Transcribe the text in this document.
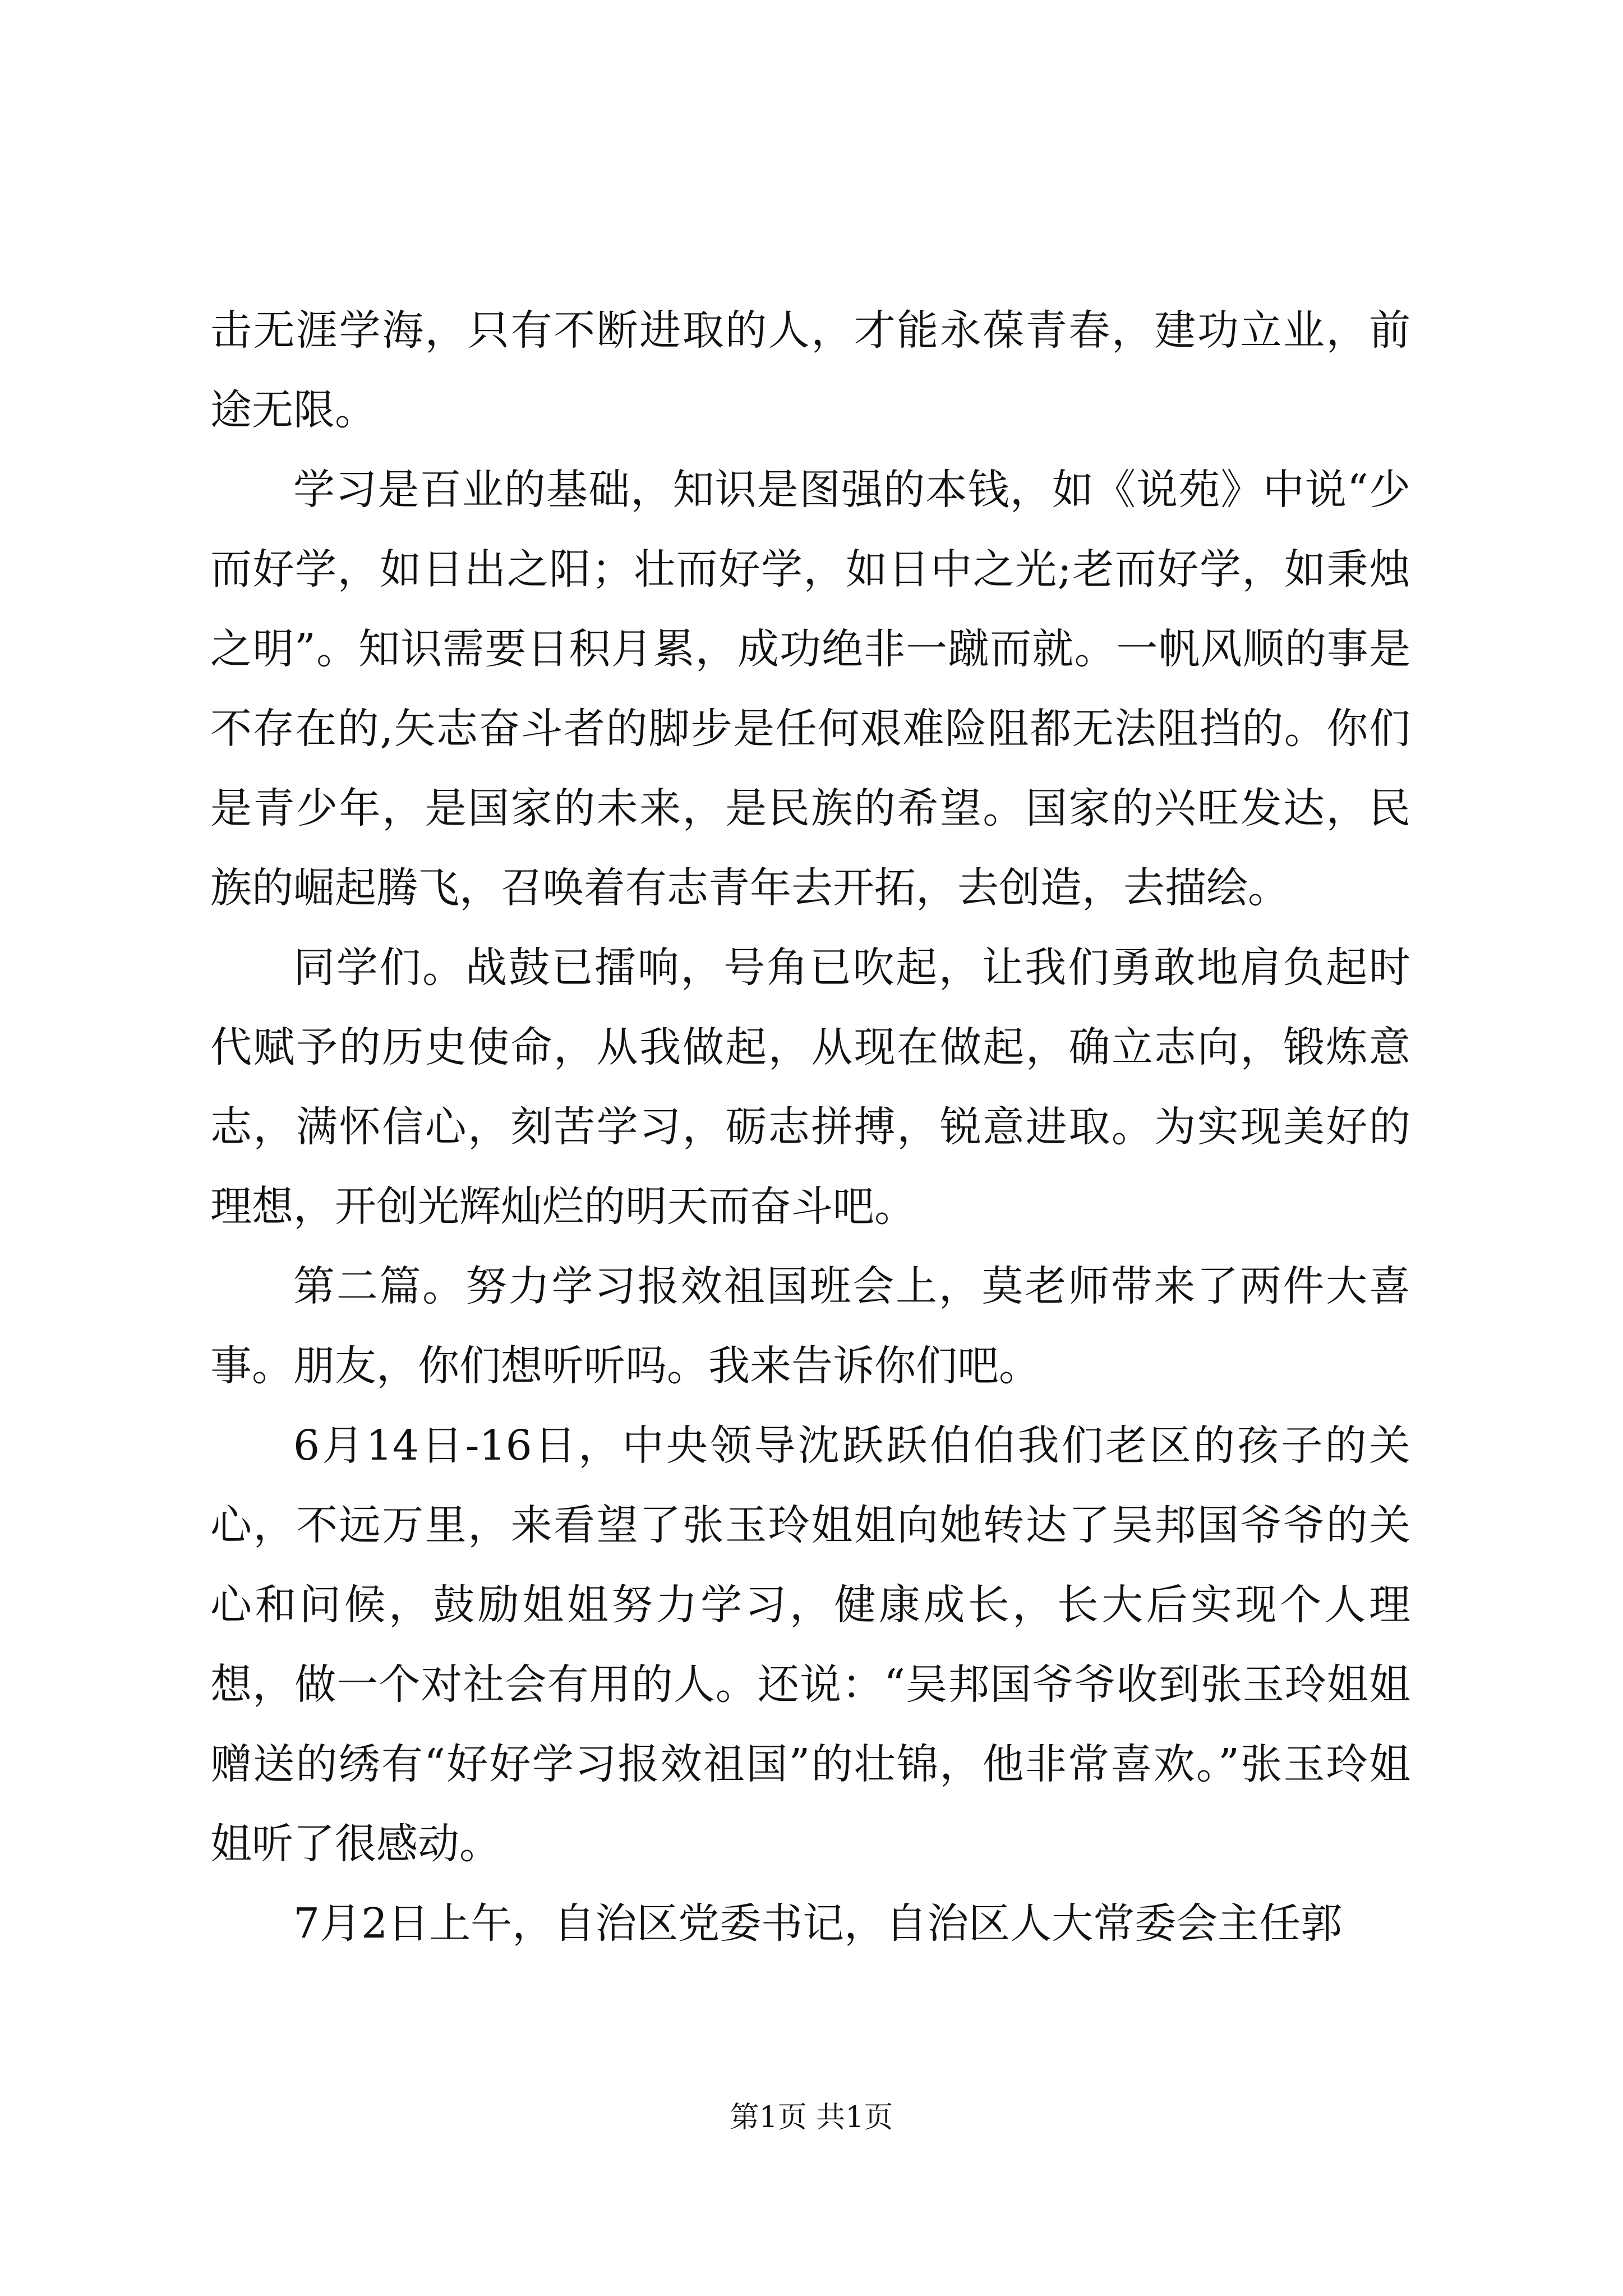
击无涯学海，只有不断进取的人，才能永葆青春，建功立业，前途无限。

学习是百业的基础，知识是图强的本钱，如《说苑》中说“少而好学，如日出之阳；壮而好学，如日中之光;老而好学，如秉烛之明”。知识需要日积月累，成功绝非一蹴而就。一帆风顺的事是不存在的,矢志奋斗者的脚步是任何艰难险阻都无法阻挡的。你们是青少年，是国家的未来，是民族的希望。国家的兴旺发达，民族的崛起腾飞，召唤着有志青年去开拓，去创造，去描绘。

同学们。战鼓已擂响，号角已吹起，让我们勇敢地肩负起时代赋予的历史使命，从我做起，从现在做起，确立志向，锻炼意志，满怀信心，刻苦学习，砺志拼搏，锐意进取。为实现美好的理想，开创光辉灿烂的明天而奋斗吧。

第二篇。努力学习报效祖国班会上，莫老师带来了两件大喜事。朋友，你们想听听吗。我来告诉你们吧。

6月14日-16日，中央领导沈跃跃伯伯我们老区的孩子的关心，不远万里，来看望了张玉玲姐姐向她转达了吴邦国爷爷的关心和问候，鼓励姐姐努力学习，健康成长，长大后实现个人理想，做一个对社会有用的人。还说：“吴邦国爷爷收到张玉玲姐姐赠送的绣有“好好学习报效祖国”的壮锦，他非常喜欢。”张玉玲姐姐听了很感动。

7月2日上午，自治区党委书记，自治区人大常委会主任郭

第1页 共1页
